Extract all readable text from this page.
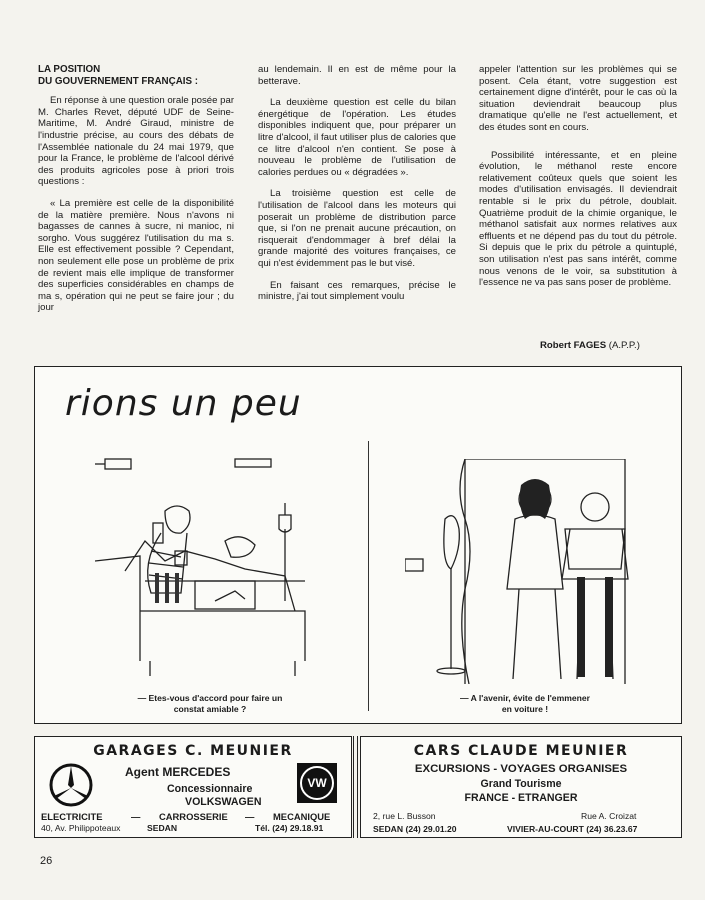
LA POSITION
DU GOUVERNEMENT FRANÇAIS :

En réponse à une question orale posée par M. Charles Revet, député UDF de Seine-Maritime, M. André Giraud, ministre de l'industrie précise, au cours des débats de l'Assemblée nationale du 24 mai 1979, que pour la France, le problème de l'alcool dérivé des produits agricoles pose à priori trois questions :

« La première est celle de la disponibilité de la matière première. Nous n'avons ni bagasses de cannes à sucre, ni manioc, ni sorgho. Vous suggérez l'utilisation du ma s. Elle est effectivement possible ? Cependant, non seulement elle pose un problème de prix de revient mais elle implique de transformer des superficies considérables en champs de ma s, opération qui ne peut se faire jour ; du jour

au lendemain. Il en est de même pour la betterave.

La deuxième question est celle du bilan énergétique de l'opération. Les études disponibles indiquent que, pour préparer un litre d'alcool, il faut utiliser plus de calories que ce litre d'alcool n'en contient. Se pose à nouveau le problème de l'utilisation de calories perdues ou « dégradées ».

La troisième question est celle de l'utilisation de l'alcool dans les moteurs qui poserait un problème de distribution parce que, si l'on ne prenait aucune précaution, on risquerait d'endommager à bref délai la grande majorité des voitures françaises, ce qui n'est évidemment pas le but visé.

En faisant ces remarques, précise le ministre, j'ai tout simplement voulu

appeler l'attention sur les problèmes qui se posent. Cela étant, votre suggestion est certainement digne d'intérêt, pour le cas où la situation deviendrait beaucoup plus dramatique qu'elle ne l'est actuellement, et des études sont en cours.

Possibilité intéressante, et en pleine évolution, le méthanol reste encore relativement coûteux quels que soient les modes d'utilisation envisagés. Il deviendrait rentable si le prix du pétrole, doublait. Quatrième produit de la chimie organique, le méthanol satisfait aux normes relatives aux effluents et ne dépend pas du tout du pétrole. Si depuis que le prix du pétrole a quintuplé, son utilisation n'est pas sans intérêt, comme nous venons de le voir, sa substitution à l'essence ne va pas sans poser de problème.

Robert FAGES (A.P.P.)
rions un peu
— Etes-vous d'accord pour faire un
constat amiable ?
— A l'avenir, évite de l'emmener
en voiture !
GARAGES C. MEUNIER
Agent MERCEDES
Concessionnaire
VOLKSWAGEN
VW
ELECTRICITE	— CARROSSERIE — MECANIQUE
40, Av. Philippoteaux	SEDAN	Tél. (24) 29.18.91
CARS CLAUDE MEUNIER
EXCURSIONS - VOYAGES ORGANISES
Grand Tourisme
FRANCE - ETRANGER
2, rue L. Busson	Rue A. Croizat
SEDAN (24) 29.01.20	VIVIER-AU-COURT (24) 36.23.67
26
